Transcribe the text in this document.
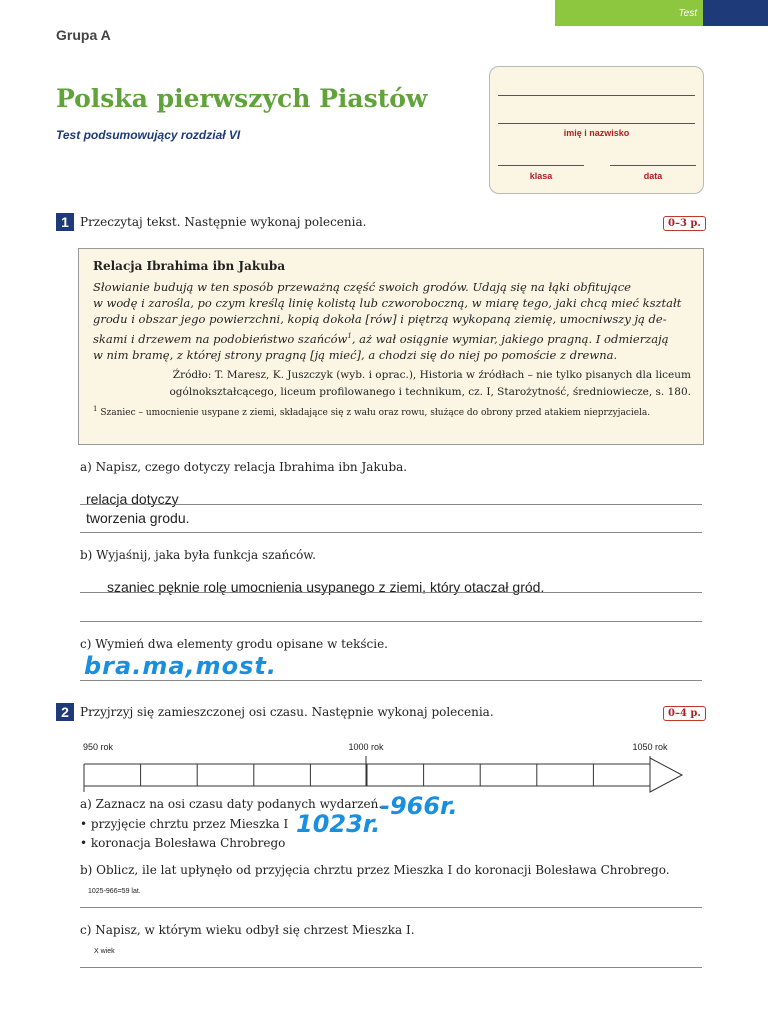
Test
Grupa A
Polska pierwszych Piastów
Test podsumowujący rozdział VI	imię i nazwisko
klasa	data
1 Przeczytaj tekst. Następnie wykonaj polecenia.	0–3 p.
Relacja Ibrahima ibn Jakuba
Słowianie budują w ten sposób przeważną część swoich grodów. Udają się na łąki obfitujące
w wodę i zarośla, po czym kreślą linię kolistą lub czworoboczną, w miarę tego, jaki chcą mieć kształt
grodu i obszar jego powierzchni, kopią dokoła [rów] i piętrzą wykopaną ziemię, umocniwszy ją de-
skami i drzewem na podobieństwo szańców$^1$, aż wał osiągnie wymiar, jakiego pragną. I odmierzają
w nim bramę, z której strony pragną [ją mieć], a chodzi się do niej po pomoście z drewna.
Źródło: T. Maresz, K. Juszczyk (wyb. i oprac.), Historia w źródłach – nie tylko pisanych dla liceum
ogólnokształcącego, liceum profilowanego i technikum, cz. I, Starożytność, średniowiecze, s. 180.
$^1$ Szaniec – umocnienie usypane z ziemi, składające się z wału oraz rowu, służące do obrony przed atakiem nieprzyjaciela.
a) Napisz, czego dotyczy relacja Ibrahima ibn Jakuba.
relacja dotyczy
tworzenia grodu.
b) Wyjaśnij, jaka była funkcja szańców.
szaniec pęknie rolę umocnienia usypanego z ziemi, który otaczał gród.
c) Wymień dwa elementy grodu opisane w tekście.
bra.ma,most.
2 Przyjrzyj się zamieszczonej osi czasu. Następnie wykonaj polecenia.	0–4 p.
950 rok	1000 rok	1050 rok
a) Zaznacz na osi czasu daty podanych wydarzeń.
• przyjęcie chrztu przez Mieszka I
• koronacja Bolesława Chrobrego
-966r.
1023r.
b) Oblicz, ile lat upłynęło od przyjęcia chrztu przez Mieszka I do koronacji Bolesława Chrobrego.
1025-966=59 lat.
c) Napisz, w którym wieku odbył się chrzest Mieszka I.
X wiek
